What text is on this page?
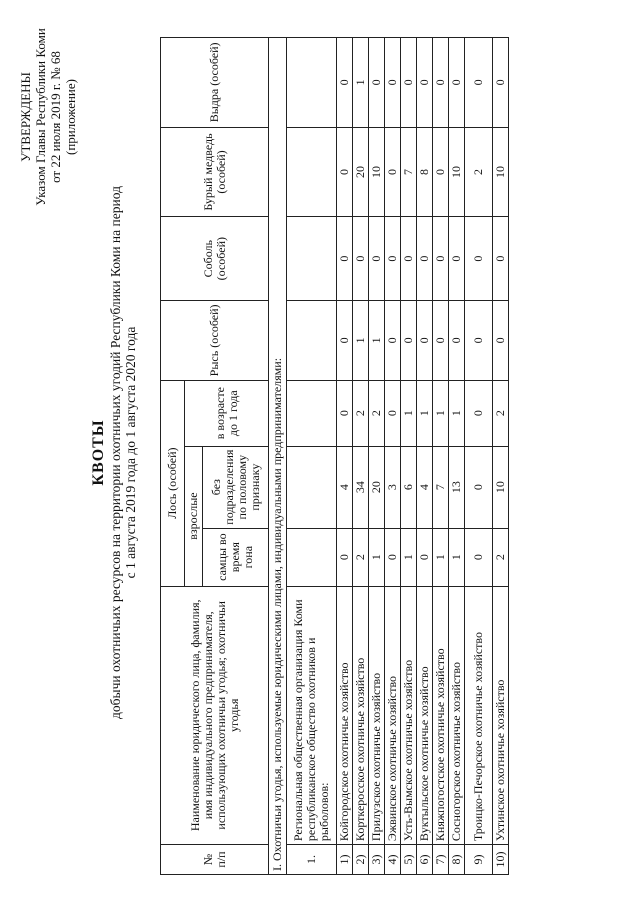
УТВЕРЖДЕНЫ Указом Главы Республики Коми от 22 июля 2019 г. № 68 (приложение)
КВОТЫ добычи охотничьих ресурсов на территории охотничьих угодий Республики Коми на период с 1 августа 2019 года до 1 августа 2020 года
№ п/п	Наименование юридического лица, фамилия, имя индивидуального предпринимателя, использующих охотничьи угодья; охотничьи угодья	Лось (особей)			Рысь (особей)	Соболь (особей)	Бурый медведь (особей)	Выдра (особей)
		взрослые		в возрасте до 1 года				
		самцы во время гона	без подразделения по половому признаку					
I. Охотничьи угодья, используемые юридическими лицами, индивидуальными предпринимателями:								
1.	Региональная общественная организация Коми республиканское общество охотников и рыболовов:							
1)	Койгородское охотничье хозяйство	0	4	0	0	0	0	0
2)	Корткеросское охотничье хозяйство	2	34	2	1	0	20	1
3)	Прилузское охотничье хозяйство	1	20	2	1	0	10	0
4)	Эжвинское охотничье хозяйство	0	3	0	0	0	0	0
5)	Усть-Вымское охотничье хозяйство	1	6	1	0	0	7	0
6)	Вуктыльское охотничье хозяйство	0	4	1	0	0	8	0
7)	Княжпогостское охотничье хозяйство	1	7	1	0	0	0	0
8)	Сосногорское охотничье хозяйство	1	13	1	0	0	10	0
9)	Троицко-Печорское охотничье хозяйство	0	0	0	0	0	2	0
10)	Ухтинское охотничье хозяйство	2	10	2	0	0	10	0
